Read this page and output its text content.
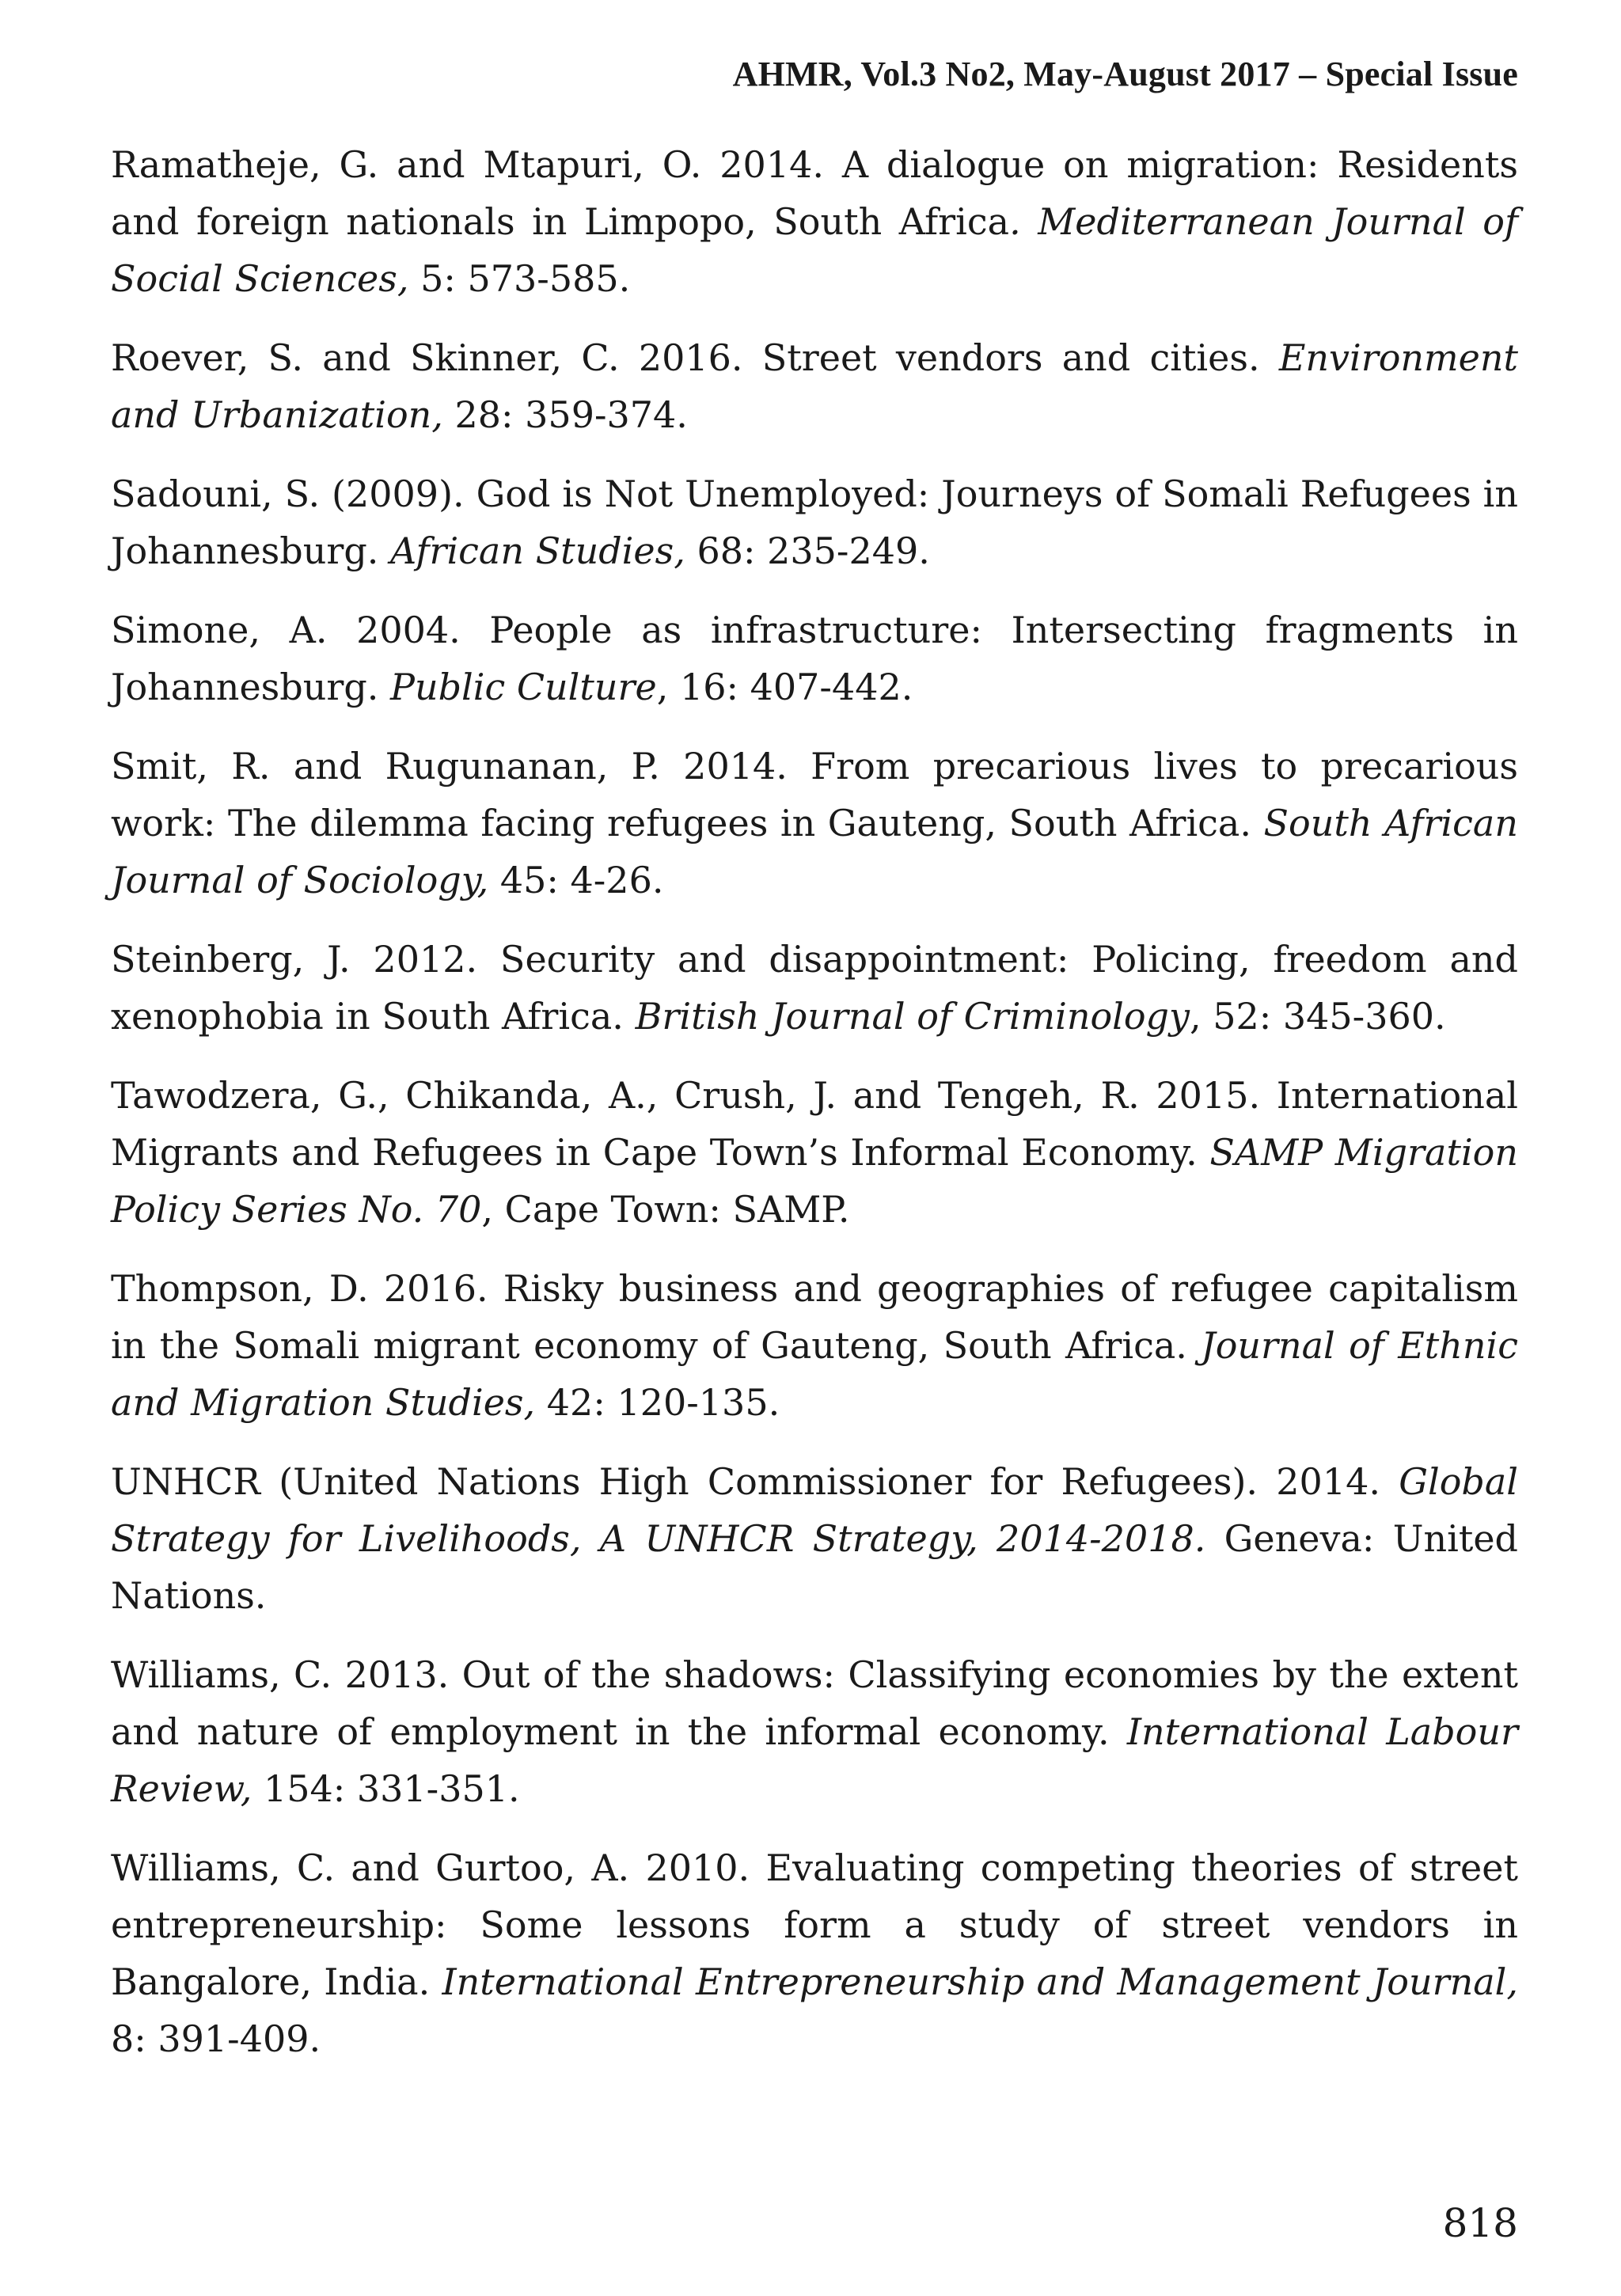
AHMR, Vol.3 No2, May-August 2017 – Special Issue
Ramatheje, G. and Mtapuri, O. 2014. A dialogue on migration: Residents and foreign nationals in Limpopo, South Africa. Mediterranean Journal of Social Sciences, 5: 573-585.
Roever, S. and Skinner, C. 2016. Street vendors and cities. Environment and Urbanization, 28: 359-374.
Sadouni, S. (2009). God is Not Unemployed: Journeys of Somali Refugees in Johannesburg. African Studies, 68: 235-249.
Simone, A. 2004. People as infrastructure: Intersecting fragments in Johannesburg. Public Culture, 16: 407-442.
Smit, R. and Rugunanan, P. 2014. From precarious lives to precarious work: The dilemma facing refugees in Gauteng, South Africa. South African Journal of Sociology, 45: 4-26.
Steinberg, J. 2012. Security and disappointment: Policing, freedom and xenophobia in South Africa. British Journal of Criminology, 52: 345-360.
Tawodzera, G., Chikanda, A., Crush, J. and Tengeh, R. 2015. International Migrants and Refugees in Cape Town’s Informal Economy. SAMP Migration Policy Series No. 70, Cape Town: SAMP.
Thompson, D. 2016. Risky business and geographies of refugee capitalism in the Somali migrant economy of Gauteng, South Africa. Journal of Ethnic and Migration Studies, 42: 120-135.
UNHCR (United Nations High Commissioner for Refugees). 2014. Global Strategy for Livelihoods, A UNHCR Strategy, 2014-2018. Geneva: United Nations.
Williams, C. 2013. Out of the shadows: Classifying economies by the extent and nature of employment in the informal economy. International Labour Review, 154: 331-351.
Williams, C. and Gurtoo, A. 2010. Evaluating competing theories of street entrepreneurship: Some lessons form a study of street vendors in Bangalore, India. International Entrepreneurship and Management Journal, 8: 391-409.
818
